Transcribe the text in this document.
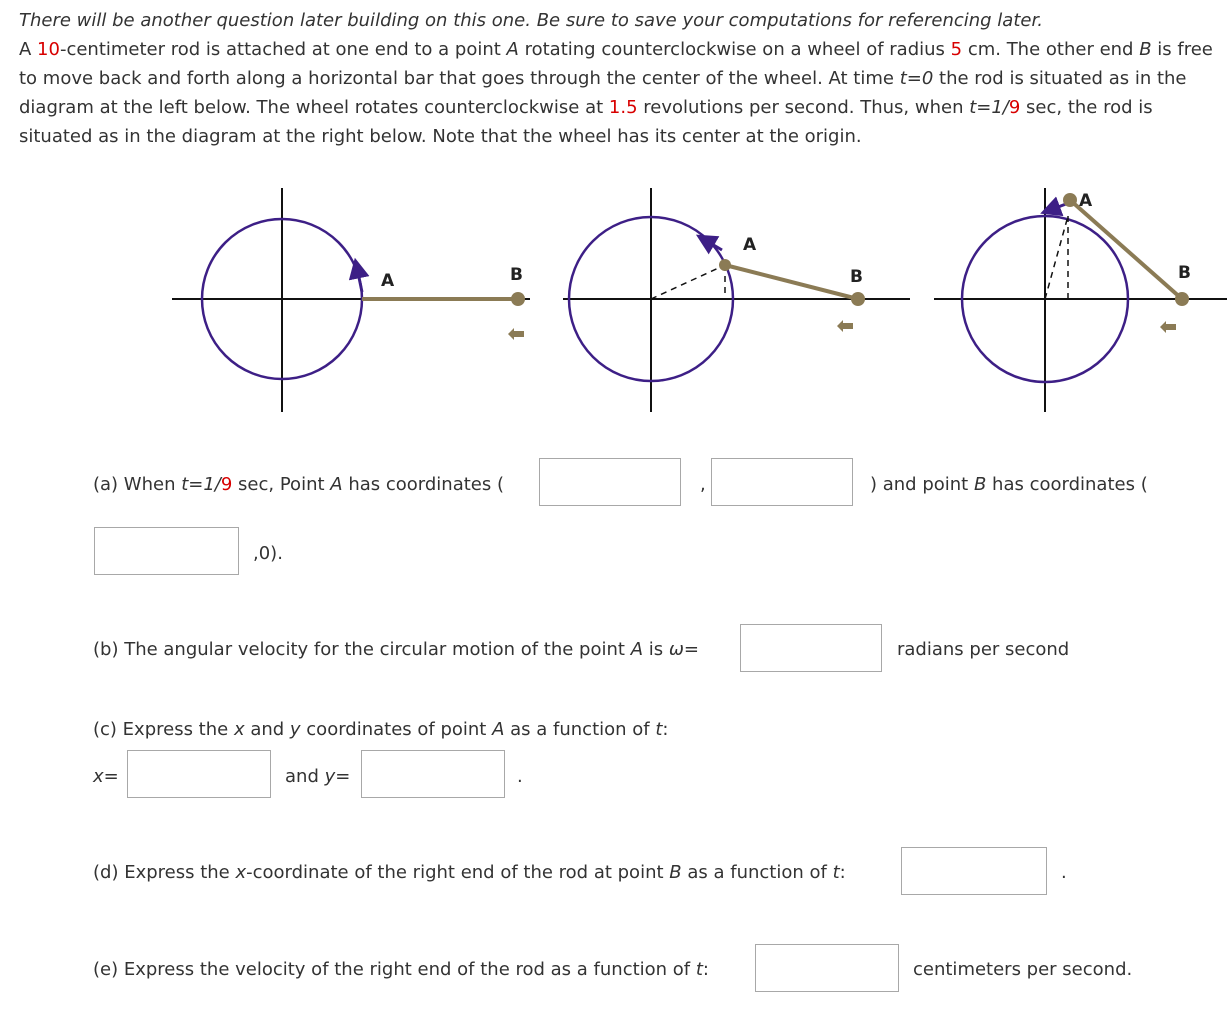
There will be another question later building on this one. Be sure to save your computations for referencing later.

A 10-centimeter rod is attached at one end to a point A rotating counterclockwise on a wheel of radius 5 cm. The other end B is free to move back and forth along a horizontal bar that goes through the center of the wheel. At time t=0 the rod is situated as in the diagram at the left below. The wheel rotates counterclockwise at 1.5 revolutions per second. Thus, when t=1/9 sec, the rod is situated as in the diagram at the right below. Note that the wheel has its center at the origin.

A	B
A
B
A
B
(a) When t=1/9 sec, Point A has coordinates (	,	) and point B has coordinates (
,0).
(b) The angular velocity for the circular motion of the point A is ω=	radians per second
(c) Express the x and y coordinates of point A as a function of t:
x=	and y=	.
(d) Express the x-coordinate of the right end of the rod at point B as a function of t:	.
(e) Express the velocity of the right end of the rod as a function of t:	centimeters per second.
